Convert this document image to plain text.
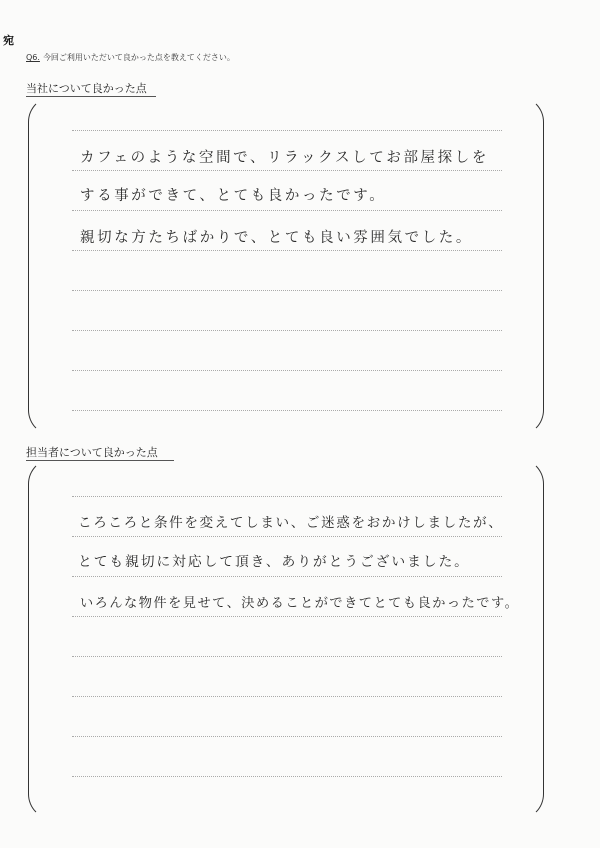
宛
Q6. 今回ご利用いただいて良かった点を教えてください。
当社について良かった点
カフェのような空間で、リラックスしてお部屋探しを
する事ができて、とても良かったです。
親切な方たちばかりで、とても良い雰囲気でした。
担当者について良かった点
ころころと条件を変えてしまい、ご迷惑をおかけしましたが、
とても親切に対応して頂き、ありがとうございました。
いろんな物件を見せて、決めることができてとても良かったです。
